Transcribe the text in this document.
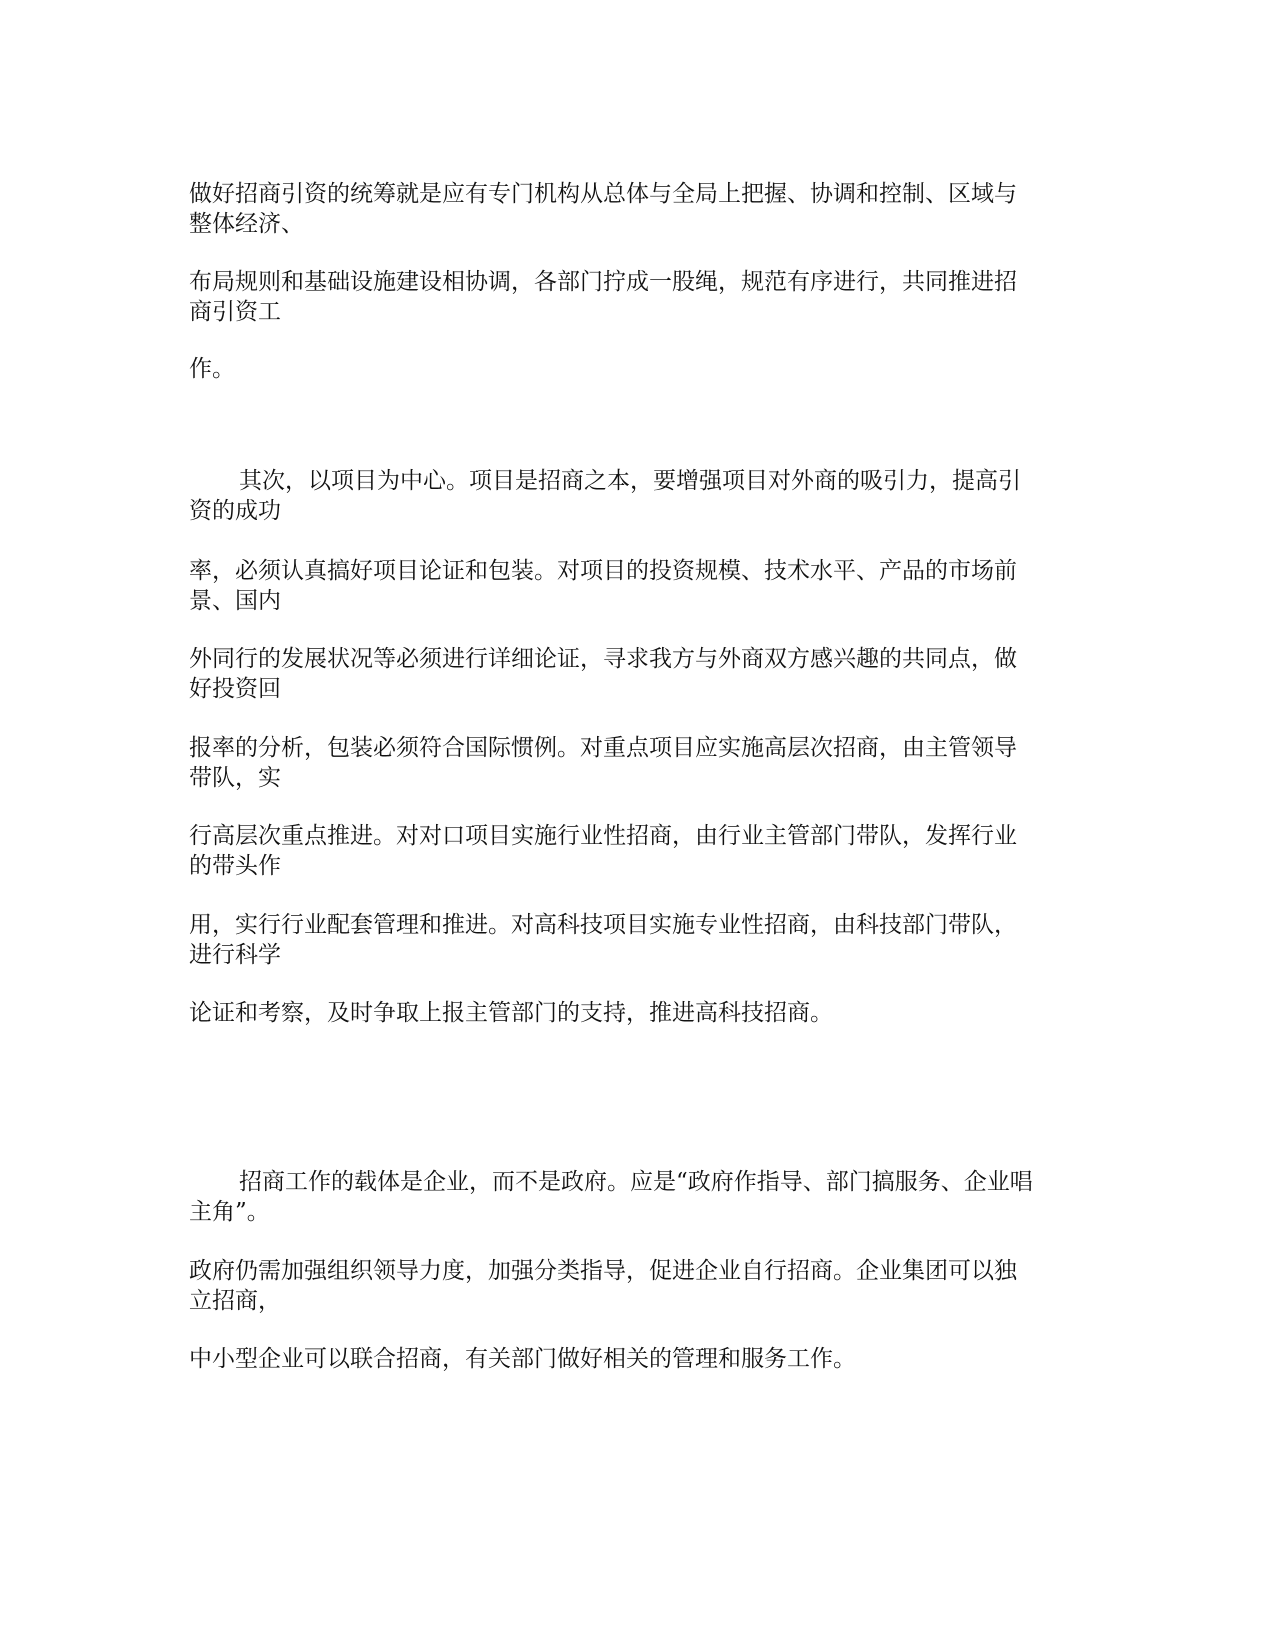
做好招商引资的统筹就是应有专门机构从总体与全局上把握、协调和控制、区域与
整体经济、
布局规则和基础设施建设相协调，各部门拧成一股绳，规范有序进行，共同推进招
商引资工
作。
其次，以项目为中心。项目是招商之本，要增强项目对外商的吸引力，提高引
资的成功
率，必须认真搞好项目论证和包装。对项目的投资规模、技术水平、产品的市场前
景、国内
外同行的发展状况等必须进行详细论证，寻求我方与外商双方感兴趣的共同点，做
好投资回
报率的分析，包装必须符合国际惯例。对重点项目应实施高层次招商，由主管领导
带队，实
行高层次重点推进。对对口项目实施行业性招商，由行业主管部门带队，发挥行业
的带头作
用，实行行业配套管理和推进。对高科技项目实施专业性招商，由科技部门带队，
进行科学
论证和考察，及时争取上报主管部门的支持，推进高科技招商。
招商工作的载体是企业，而不是政府。应是“政府作指导、部门搞服务、企业唱
主角”。
政府仍需加强组织领导力度，加强分类指导，促进企业自行招商。企业集团可以独
立招商，
中小型企业可以联合招商，有关部门做好相关的管理和服务工作。
